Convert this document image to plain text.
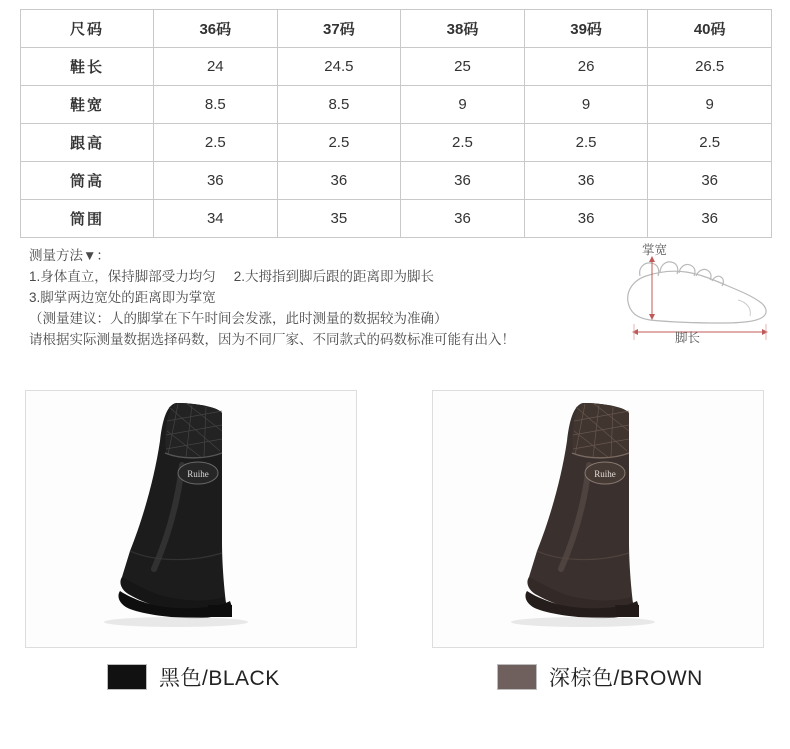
尺码	36码	37码	38码	39码	40码
鞋长	24	24.5	25	26	26.5
鞋宽	8.5	8.5	9	9	9
跟高	2.5	2.5	2.5	2.5	2.5
筒高	36	36	36	36	36
筒围	34	35	36	36	36
测量方法▼：
1.身体直立，保持脚部受力均匀 2.大拇指到脚后跟的距离即为脚长
3.脚掌两边宽处的距离即为掌宽
（测量建议：人的脚掌在下午时间会发涨，此时测量的数据较为准确）
请根据实际测量数据选择码数，因为不同厂家、不同款式的码数标准可能有出入！
掌宽
脚长
Ruihe	Ruihe
黑色/BLACK	深棕色/BROWN
